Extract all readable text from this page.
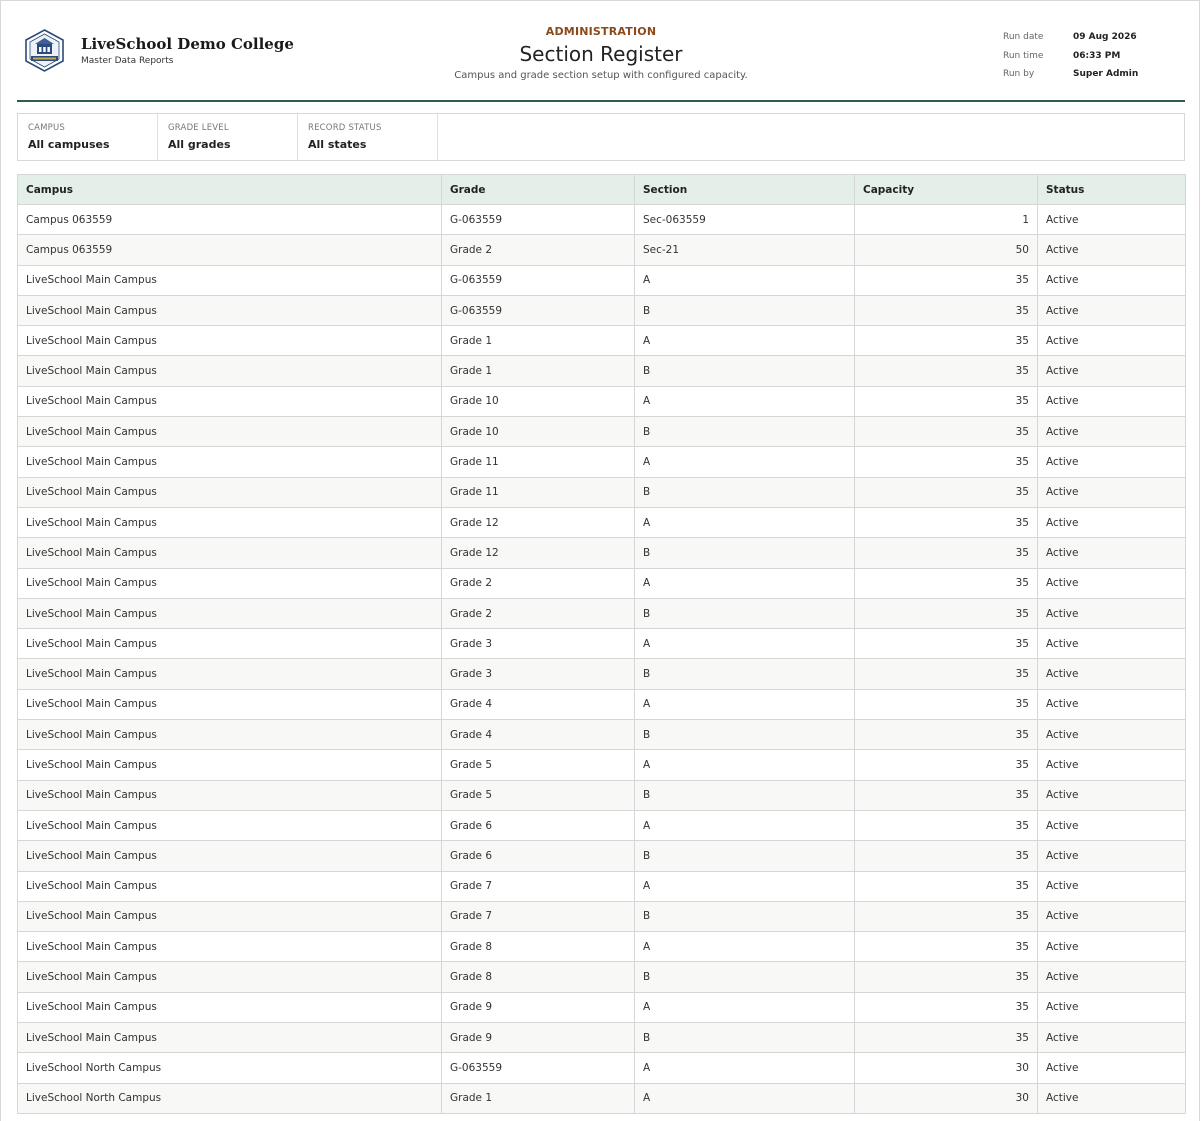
LiveSchool Demo College
Master Data Reports
ADMINISTRATION
Section Register
Campus and grade section setup with configured capacity.
Run date	09 Aug 2026
Run time	06:33 PM
Run by	Super Admin
CAMPUS
All campuses
GRADE LEVEL
All grades
RECORD STATUS
All states
Campus	Grade	Section	Capacity	Status
Campus 063559	G-063559	Sec-063559	1	Active
Campus 063559	Grade 2	Sec-21	50	Active
LiveSchool Main Campus	G-063559	A	35	Active
LiveSchool Main Campus	G-063559	B	35	Active
LiveSchool Main Campus	Grade 1	A	35	Active
LiveSchool Main Campus	Grade 1	B	35	Active
LiveSchool Main Campus	Grade 10	A	35	Active
LiveSchool Main Campus	Grade 10	B	35	Active
LiveSchool Main Campus	Grade 11	A	35	Active
LiveSchool Main Campus	Grade 11	B	35	Active
LiveSchool Main Campus	Grade 12	A	35	Active
LiveSchool Main Campus	Grade 12	B	35	Active
LiveSchool Main Campus	Grade 2	A	35	Active
LiveSchool Main Campus	Grade 2	B	35	Active
LiveSchool Main Campus	Grade 3	A	35	Active
LiveSchool Main Campus	Grade 3	B	35	Active
LiveSchool Main Campus	Grade 4	A	35	Active
LiveSchool Main Campus	Grade 4	B	35	Active
LiveSchool Main Campus	Grade 5	A	35	Active
LiveSchool Main Campus	Grade 5	B	35	Active
LiveSchool Main Campus	Grade 6	A	35	Active
LiveSchool Main Campus	Grade 6	B	35	Active
LiveSchool Main Campus	Grade 7	A	35	Active
LiveSchool Main Campus	Grade 7	B	35	Active
LiveSchool Main Campus	Grade 8	A	35	Active
LiveSchool Main Campus	Grade 8	B	35	Active
LiveSchool Main Campus	Grade 9	A	35	Active
LiveSchool Main Campus	Grade 9	B	35	Active
LiveSchool North Campus	G-063559	A	30	Active
LiveSchool North Campus	Grade 1	A	30	Active
